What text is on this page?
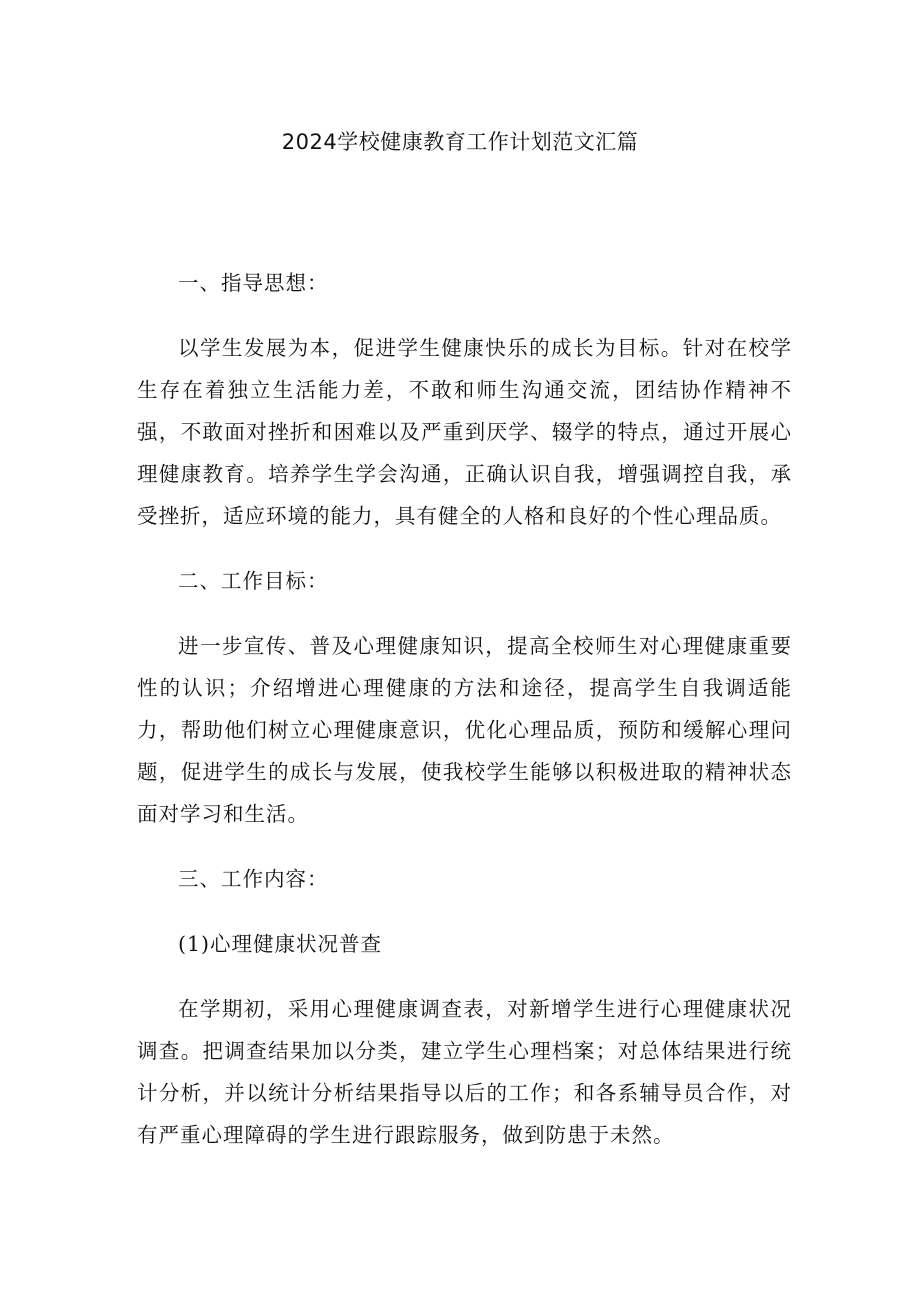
2024学校健康教育工作计划范文汇篇

一、指导思想：

以学生发展为本，促进学生健康快乐的成长为目标。针对在校学生存在着独立生活能力差，不敢和师生沟通交流，团结协作精神不强，不敢面对挫折和困难以及严重到厌学、辍学的特点，通过开展心理健康教育。培养学生学会沟通，正确认识自我，增强调控自我，承受挫折，适应环境的能力，具有健全的人格和良好的个性心理品质。

二、工作目标：

进一步宣传、普及心理健康知识，提高全校师生对心理健康重要性的认识；介绍增进心理健康的方法和途径，提高学生自我调适能力，帮助他们树立心理健康意识，优化心理品质，预防和缓解心理问题，促进学生的成长与发展，使我校学生能够以积极进取的精神状态面对学习和生活。

三、工作内容：

(1)心理健康状况普查

在学期初，采用心理健康调查表，对新增学生进行心理健康状况调查。把调查结果加以分类，建立学生心理档案；对总体结果进行统计分析，并以统计分析结果指导以后的工作；和各系辅导员合作，对有严重心理障碍的学生进行跟踪服务，做到防患于未然。
